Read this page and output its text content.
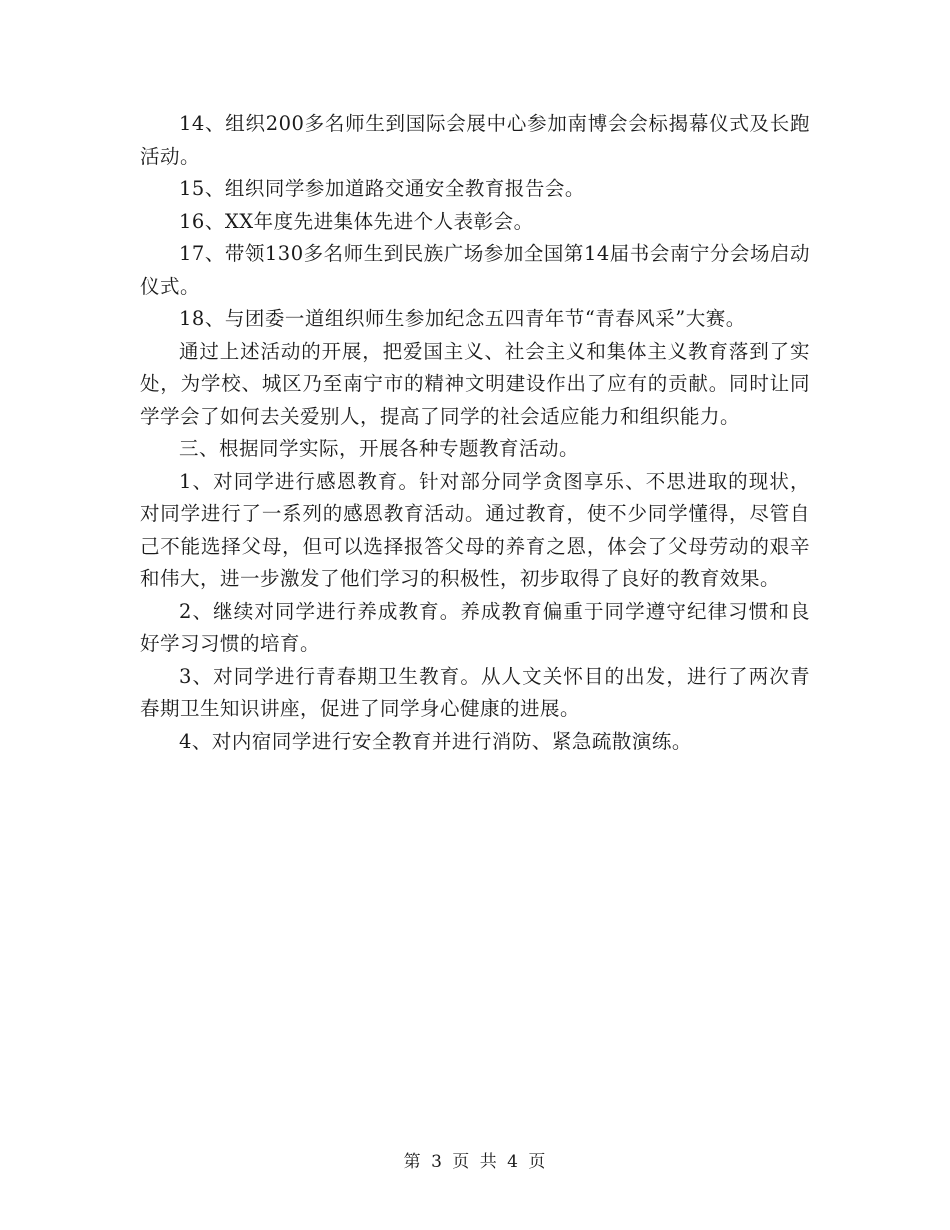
14、组织200多名师生到国际会展中心参加南博会会标揭幕仪式及长跑活动。

15、组织同学参加道路交通安全教育报告会。

16、XX年度先进集体先进个人表彰会。

17、带领130多名师生到民族广场参加全国第14届书会南宁分会场启动仪式。

18、与团委一道组织师生参加纪念五四青年节“青春风采”大赛。

通过上述活动的开展，把爱国主义、社会主义和集体主义教育落到了实处，为学校、城区乃至南宁市的精神文明建设作出了应有的贡献。同时让同学学会了如何去关爱别人，提高了同学的社会适应能力和组织能力。

三、根据同学实际，开展各种专题教育活动。

1、对同学进行感恩教育。针对部分同学贪图享乐、不思进取的现状，对同学进行了一系列的感恩教育活动。通过教育，使不少同学懂得，尽管自己不能选择父母，但可以选择报答父母的养育之恩，体会了父母劳动的艰辛和伟大，进一步激发了他们学习的积极性，初步取得了良好的教育效果。

2、继续对同学进行养成教育。养成教育偏重于同学遵守纪律习惯和良好学习习惯的培育。

3、对同学进行青春期卫生教育。从人文关怀目的出发，进行了两次青春期卫生知识讲座，促进了同学身心健康的进展。

4、对内宿同学进行安全教育并进行消防、紧急疏散演练。

第 3 页 共 4 页
